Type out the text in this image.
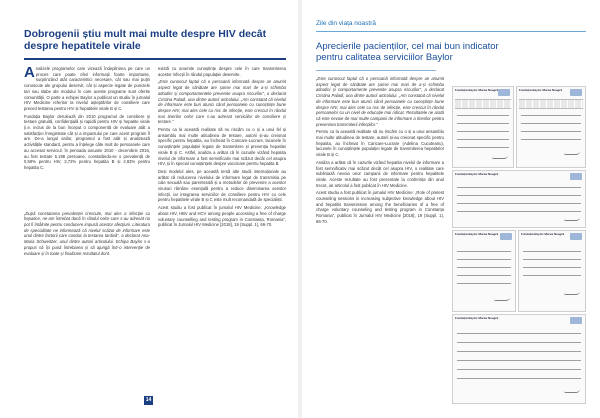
Dobrogenii știu mult mai multe despre HIV decât despre hepatitele virale

Analizele programelor care vizează îndeplinirea pe care un proces care poate oferi informații foarte importante, surprinzând atât caracteristici necesare, cât sau mai puțin cunoscute ale grupului deservit, cât și aspecte legate de punctele tari sau slabe ale modului în care aceste programe sunt oferite comunității. O parte a echipei Baylor a publicat un studiu în jurnalul HIV Medicine referitor la nivelul așteptărilor de consiliere care preced testarea pentru HIV și hepatitele virale B și C.

Fundația Baylor derulează din 2010 programul de consiliere și testare gratuită, confidențială și rapidă pentru HIV și hepatite virale (i.e. inclus de la bun început o componentă de evaluare atât a satisfacției înregistrate cât și a impactului pe care acest program îl are. De-a lungul anilor, programul a fost atât și analizează activitățile standard, pentru a înțelege câte mult de persoanele care au accesat serviciul. În perioada ianuarie 2010 - decembrie 2016, au fost testate 5.198 persoane, constatându-se o prevalență de 0,59% pentru HIV, 3,72% pentru hepatita B și 2,83% pentru hepatita C.

„După constatarea prevalenței crescute, mai ales a infecției cu hepatice, ne-am întrebat dacă în rândul celor care s-au adresat nu pot fi întâlnite pentru conducere impusă acestor afecțiuni. Literatura de specialitate ne informează că nivelul scăzut de informare este unul dintre factorii care conduc la testarea tardivă”, a declarat Ana-Maria Schweitzer, unul dintre autorii articolului. Echipa Baylor s-a propus să își pună întrebarea și să ajungă într-o intervenție de evaluare și în toate și finalizare rezultatul dorit.

există cu anumite cunoștințe despre cele în care transmiterea acestor infecții în rândul populației deservite.

„Este cunoscut faptul că o persoană informată despre un anumit aspect legat de sănătate are șanse mai mari de a-și schimba atitudini și comportamentele prevenite asupra riscurilor”, a declarat Cristina Paladi, una dintre autorii articolului. „Am constatat că nivelul de informare este bun atunci când persoanele cu cunoștințe bune despre HIV, mai ales cele cu risc de infecție, este crescut în rândul mai tinerilor celor care s-au adresat serviciilor de consiliere și testare.”

Pentru ca la această realitate să nu riscăm cu o și a unui fel și ansamblu mai multe atitudinea de testare, autorii și-au creionat specific pentru hepatita, au încheiat în Caricare-Lucrare, lacunele în cunoștințele populației legate de transmitere și prevenția hepatitei virale B și C. Astfel, analiza a arătat că în cazurile vizând hepatita nivelul de informare a fost semnificativ mai scăzut decât cel asupra HIV, și în special cunoștințele despre vaccinare pentru hepatita B.

Deși modelul ales, pe această temă alte studii internaționale au arătat că reducerea nivelului de informare legat de transmisia pe cale sexuală sau parenterală și a metodelor de prevenire a acestor virusuri rămâne esențială pentru a reduce diseminarea acestor infecții, iar integrarea serviciilor de consiliere pentru HIV cu cele pentru hepatitele virale B și C este mult recomandată de specialiști.

Acest studiu a fost publicat în jurnalul HIV Medicine: „Knowledge about HIV, HBV and HCV among people accessing a free of charge voluntary counselling and testing program in Constanța, Romania”, publicat în Jurnalul HIV Medicine [2018], 19 (Suppl. 1), 66-70.

14
Zile din viața noastră
Aprecierile pacienților, cel mai bun indicator pentru calitatea serviciilor Baylor

„Este cunoscut faptul că o persoană informată despre un anumit aspect legat de sănătate are șanse mai mari de a-și schimba atitudini și comportamente prevenite asupra riscurilor”, a declarat Cristina Paladi, una dintre autorii articolului. „Am constatat că nivelul de informare este bun atunci când persoanele cu cunoștințe bune despre HIV, mai ales cele cu risc de infecție, este crescut în rândul persoanelor cu un nivel de educație mai ridicat. Rezultatele ne arată că este nevoie de mai multe campanii de informare a tinerilor pentru prevenirea transmiterii infecțiilor.”

Pentru ca la această realitate să nu riscăm cu o și a unui ansamblu mai multe atitudinea de testare, autorii și-au creionat specific pentru hepatita, au încheiat în Caricare-Lucrare (Adelina Cucuteanu), lacunele în cunoștințele populației legate de transmiterea hepatitelor virale B și C.

Analiza a arătat că în cazurile vizând hepatita nivelul de informare a fost semnificativ mai scăzut decât cel asupra HIV, o realitate care subliniază nevoia unor campanii de informare pentru hepatitele virale. Aceste rezultate au fost prezentate la conferința din anul trecut, iar articolul a fost publicat în HIV Medicine.

Acest studiu a fost publicat în jurnalul HIV Medicine: „Role of pretest counseling sessions in increasing subjective knowledge about HIV and hepatitis transmission among the beneficiaries of a free of charge voluntary counseling and testing program in Constanța Romania”, publicat în Jurnalul HIV Medicine [2018], 19 (Suppl. 1), 66-70.

Fundația Baylor Marea Neagră	Fundația Baylor Marea Neagră
Fundația Baylor Marea Neagră
Fundația Baylor Marea Neagră	Fundația Baylor Marea Neagră
Fundația Baylor Marea Neagră
